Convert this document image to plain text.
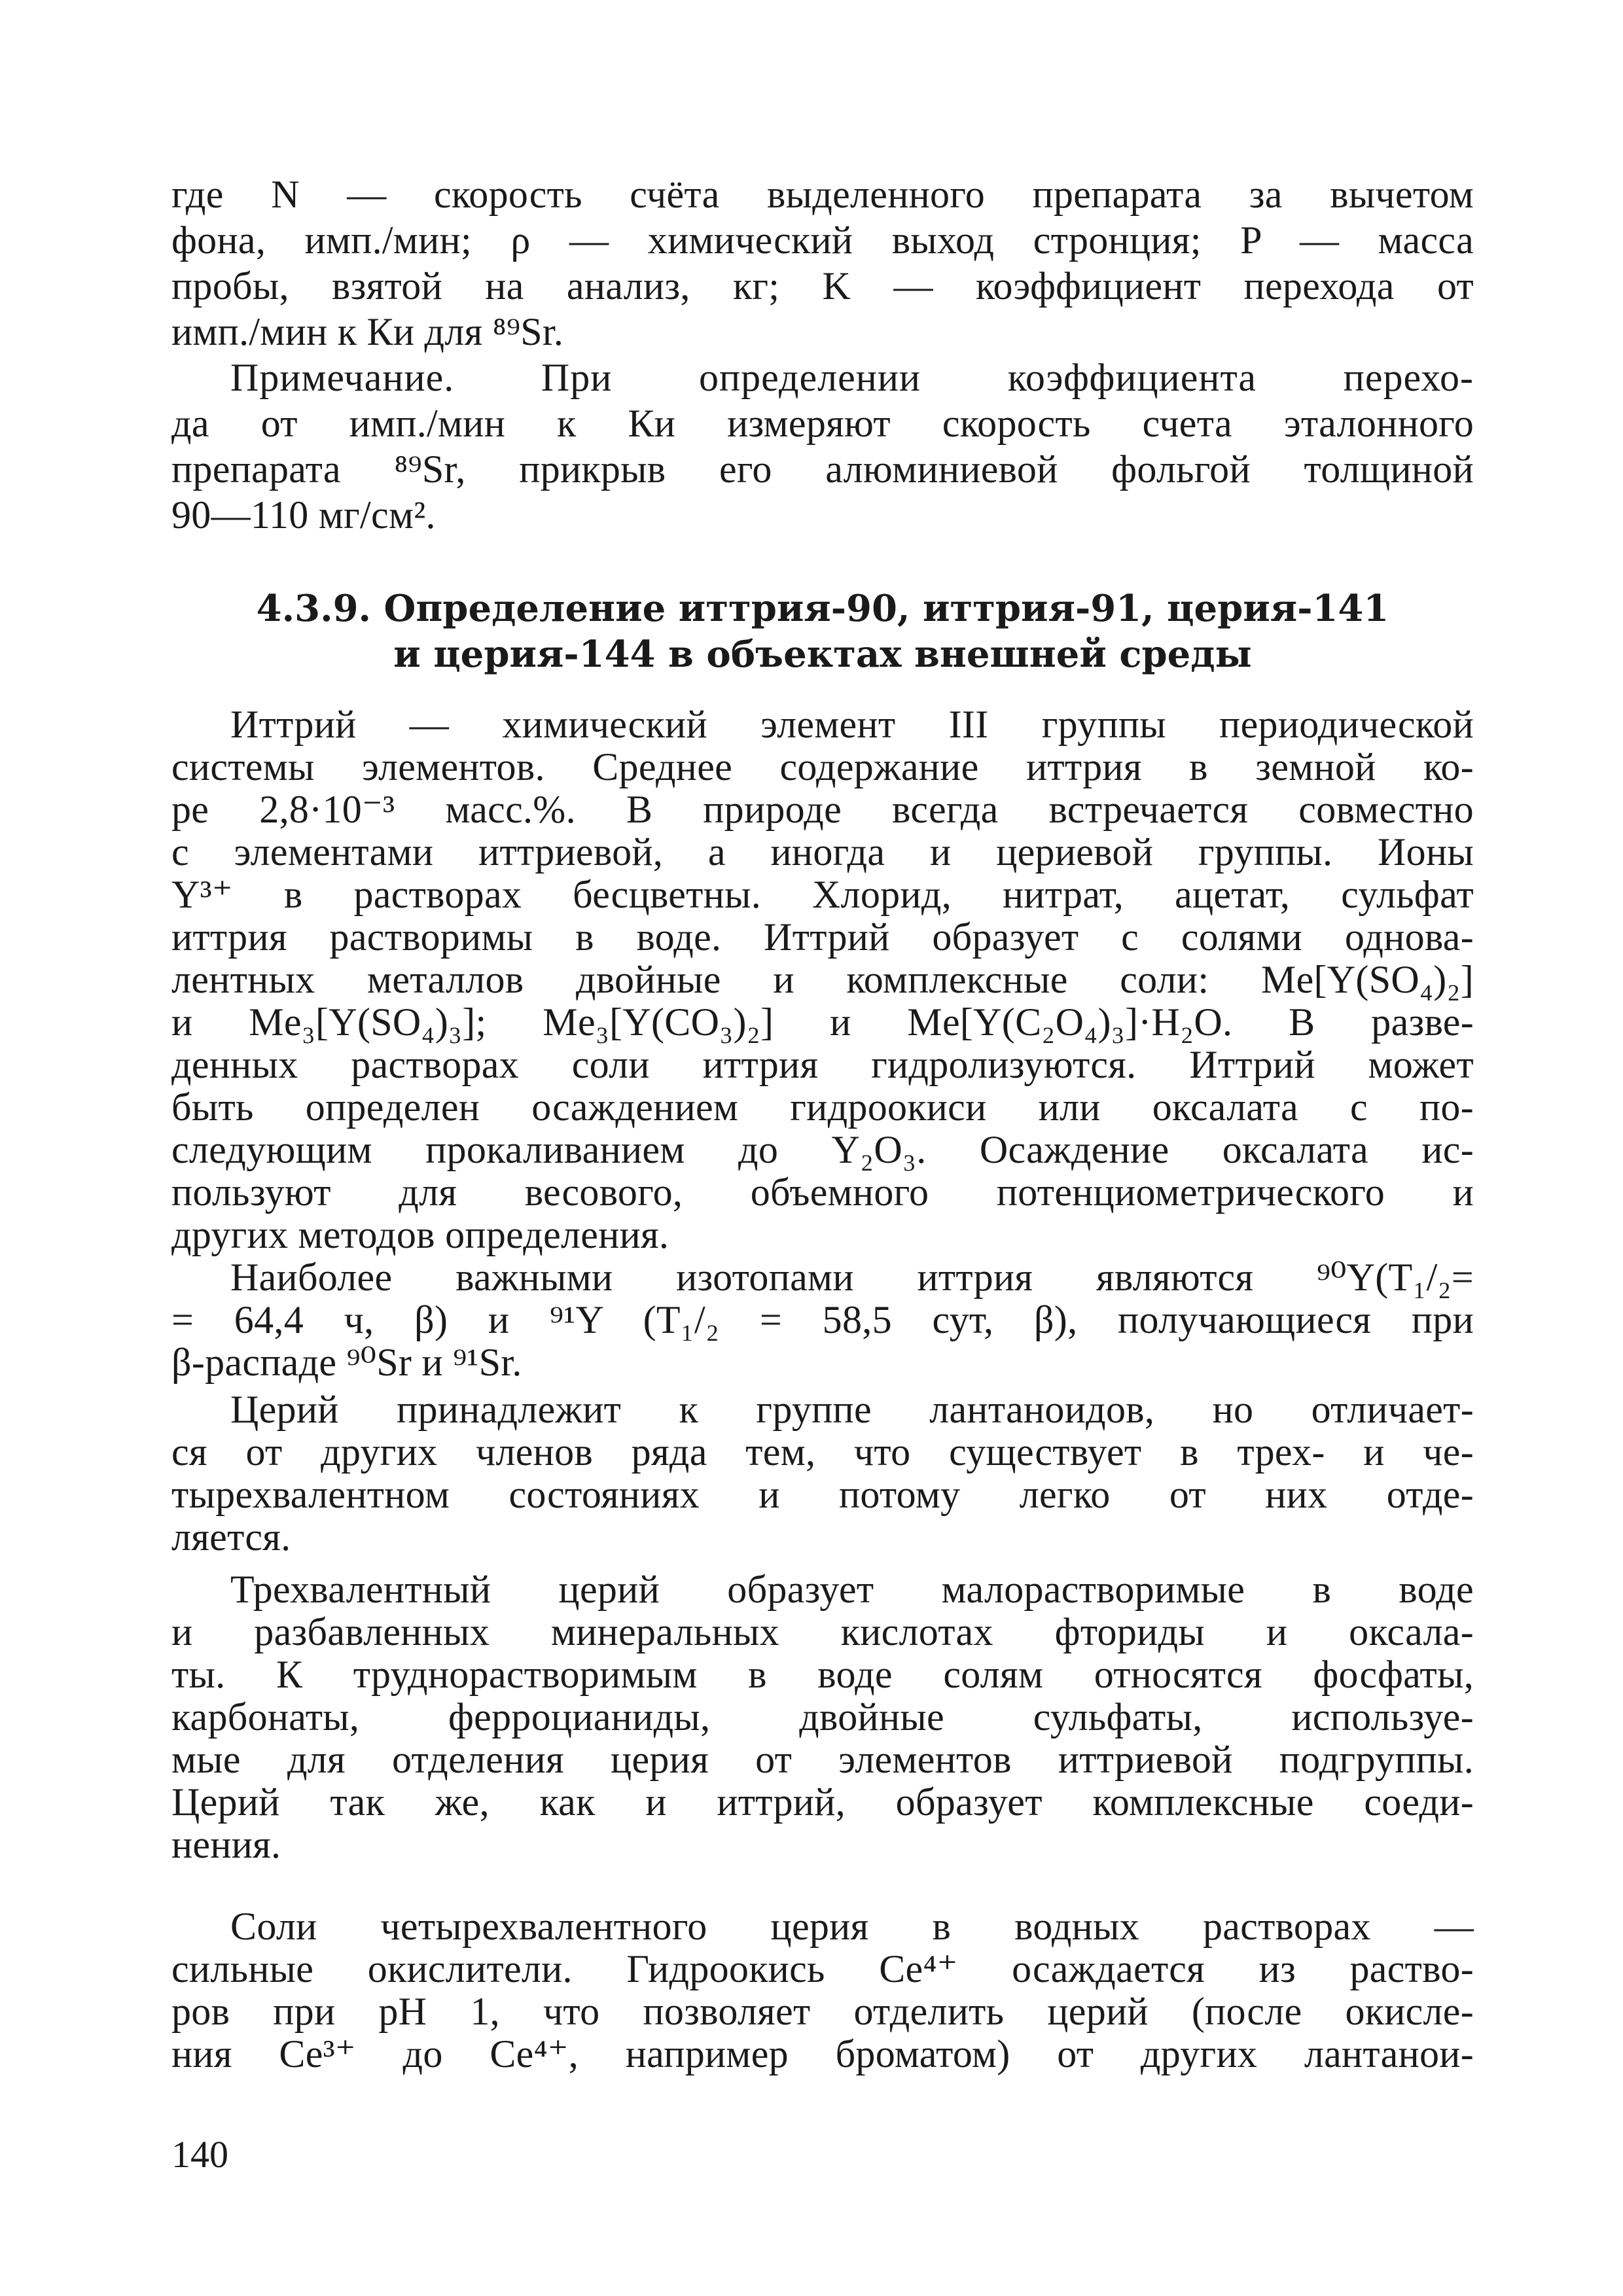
где N — скорость счёта выделенного препарата за вычетом
фона, имп./мин; ρ — химический выход стронция; P — масса
пробы, взятой на анализ, кг; K — коэффициент перехода от
имп./мин к Ки для ⁸⁹Sr.
Примечание. При определении коэффициента перехо-
да от имп./мин к Ки измеряют скорость счета эталонного
препарата ⁸⁹Sr, прикрыв его алюминиевой фольгой толщиной
90—110 мг/см².
4.3.9. Определение иттрия-90, иттрия-91, церия-141
и церия-144 в объектах внешней среды
Иттрий — химический элемент III группы периодической
системы элементов. Среднее содержание иттрия в земной ко-
ре 2,8·10⁻³ масс.%. В природе всегда встречается совместно
с элементами иттриевой, а иногда и цериевой группы. Ионы
Y³⁺ в растворах бесцветны. Хлорид, нитрат, ацетат, сульфат
иттрия растворимы в воде. Иттрий образует с солями однова-
лентных металлов двойные и комплексные соли: Me[Y(SO₄)₂]
и Me₃[Y(SO₄)₃]; Me₃[Y(CO₃)₂] и Me[Y(C₂O₄)₃]·H₂O. В разве-
денных растворах соли иттрия гидролизуются. Иттрий может
быть определен осаждением гидроокиси или оксалата с по-
следующим прокаливанием до Y₂O₃. Осаждение оксалата ис-
пользуют для весового, объемного потенциометрического и
других методов определения.
Наиболее важными изотопами иттрия являются ⁹⁰Y(T₁/₂=
= 64,4 ч, β) и ⁹¹Y (T₁/₂ = 58,5 сут, β), получающиеся при
β-распаде ⁹⁰Sr и ⁹¹Sr.
Церий принадлежит к группе лантаноидов, но отличает-
ся от других членов ряда тем, что существует в трех- и че-
тырехвалентном состояниях и потому легко от них отде-
ляется.
Трехвалентный церий образует малорастворимые в воде
и разбавленных минеральных кислотах фториды и оксала-
ты. К труднорастворимым в воде солям относятся фосфаты,
карбонаты, ферроцианиды, двойные сульфаты, используе-
мые для отделения церия от элементов иттриевой подгруппы.
Церий так же, как и иттрий, образует комплексные соеди-
нения.
Соли четырехвалентного церия в водных растворах —
сильные окислители. Гидроокись Ce⁴⁺ осаждается из раство-
ров при pH 1, что позволяет отделить церий (после окисле-
ния Ce³⁺ до Ce⁴⁺, например броматом) от других лантанои-
140
